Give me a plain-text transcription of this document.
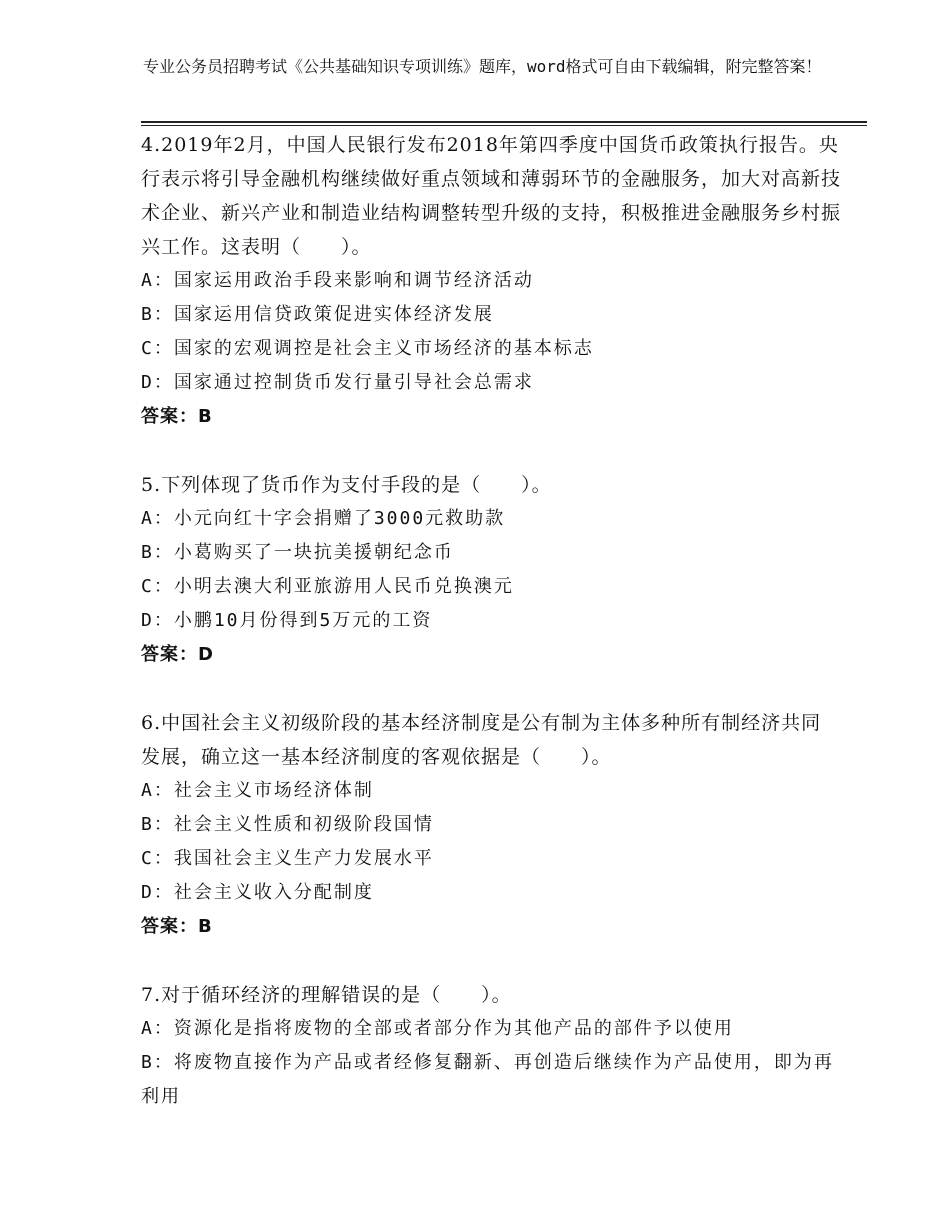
专业公务员招聘考试《公共基础知识专项训练》题库，word格式可自由下载编辑，附完整答案！

4.2019年2月，中国人民银行发布2018年第四季度中国货币政策执行报告。央行表示将引导金融机构继续做好重点领域和薄弱环节的金融服务，加大对高新技术企业、新兴产业和制造业结构调整转型升级的支持，积极推进金融服务乡村振兴工作。这表明（　　）。

A：国家运用政治手段来影响和调节经济活动

B：国家运用信贷政策促进实体经济发展

C：国家的宏观调控是社会主义市场经济的基本标志

D：国家通过控制货币发行量引导社会总需求

答案：B

5.下列体现了货币作为支付手段的是（　　）。

A：小元向红十字会捐赠了3000元救助款

B：小葛购买了一块抗美援朝纪念币

C：小明去澳大利亚旅游用人民币兑换澳元

D：小鹏10月份得到5万元的工资

答案：D

6.中国社会主义初级阶段的基本经济制度是公有制为主体多种所有制经济共同发展，确立这一基本经济制度的客观依据是（　　）。

A：社会主义市场经济体制

B：社会主义性质和初级阶段国情

C：我国社会主义生产力发展水平

D：社会主义收入分配制度

答案：B

7.对于循环经济的理解错误的是（　　）。

A：资源化是指将废物的全部或者部分作为其他产品的部件予以使用

B：将废物直接作为产品或者经修复翻新、再创造后继续作为产品使用，即为再利用
